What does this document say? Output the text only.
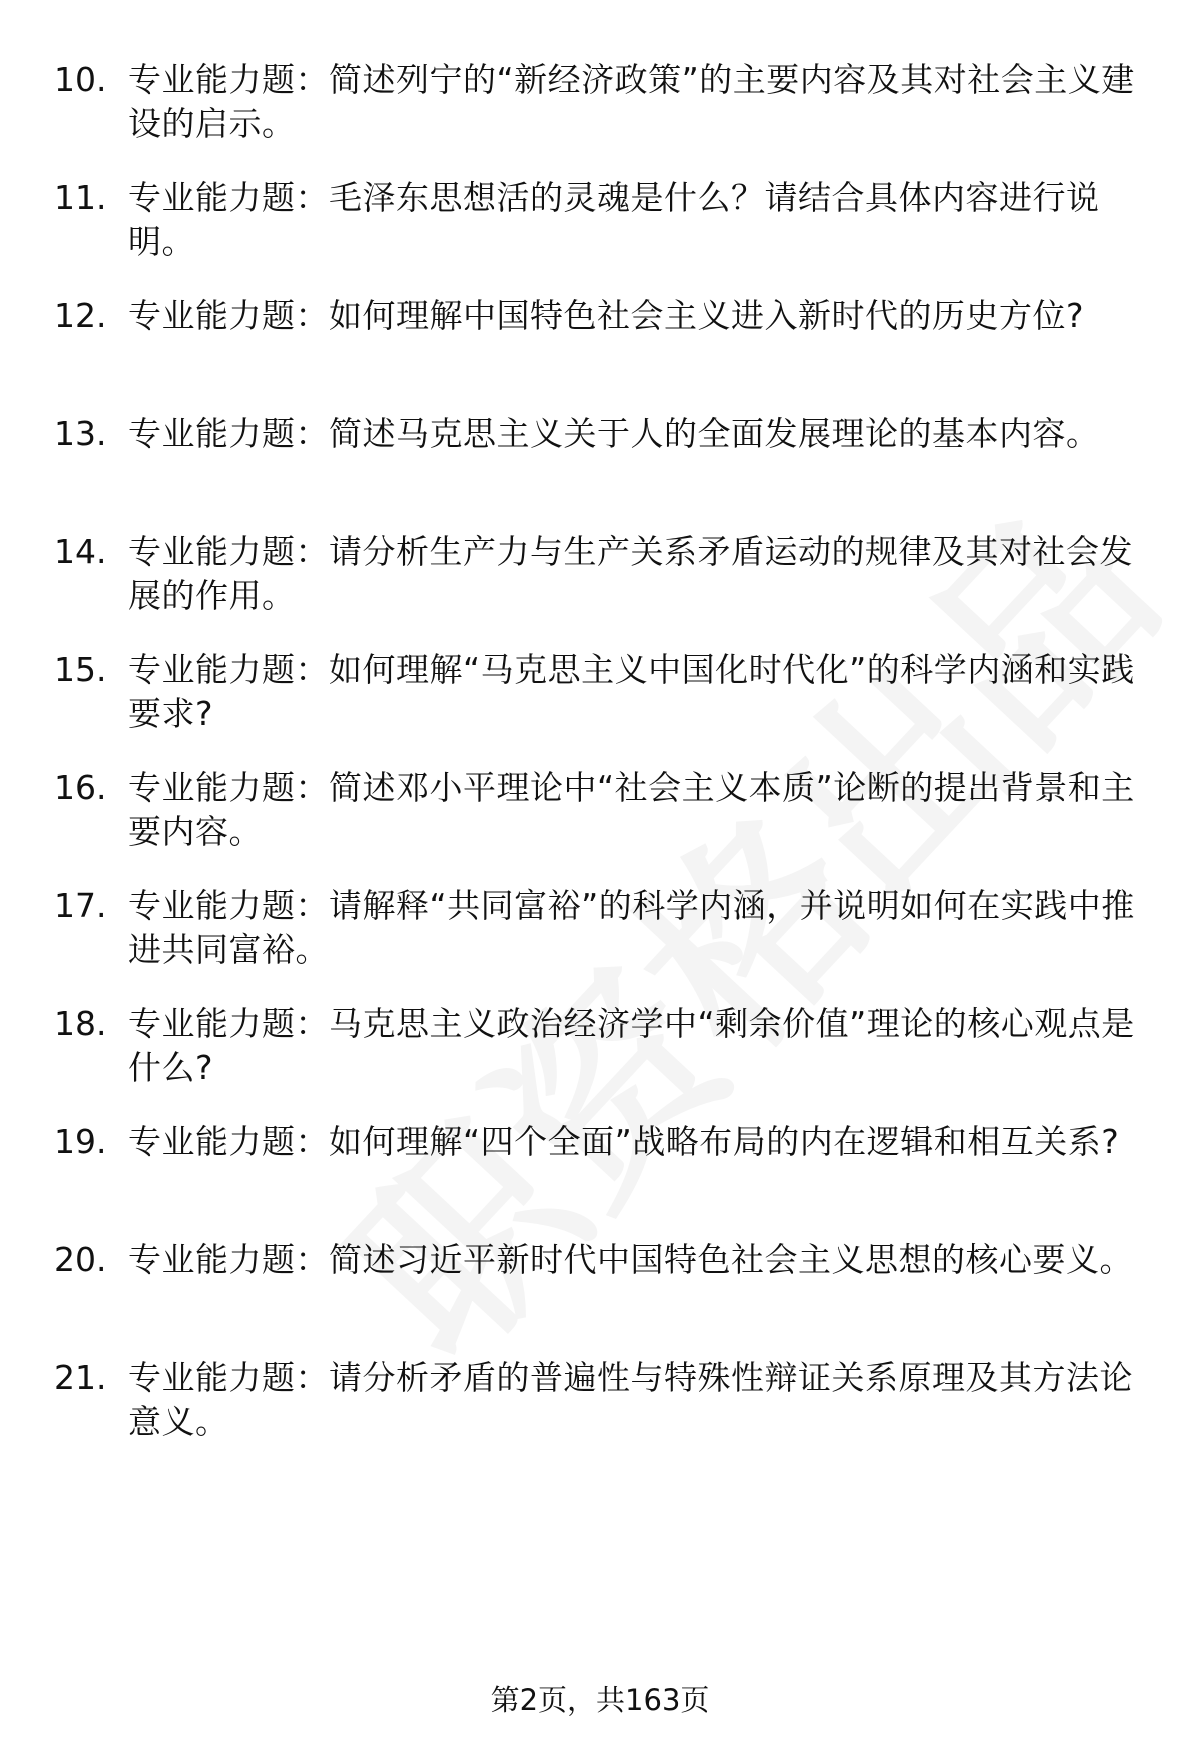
10. 专业能力题：简述列宁的“新经济政策”的主要内容及其对社会主义建设的启示。
11. 专业能力题：毛泽东思想活的灵魂是什么？请结合具体内容进行说明。
12. 专业能力题：如何理解中国特色社会主义进入新时代的历史方位?
13. 专业能力题：简述马克思主义关于人的全面发展理论的基本内容。
14. 专业能力题：请分析生产力与生产关系矛盾运动的规律及其对社会发展的作用。
15. 专业能力题：如何理解“马克思主义中国化时代化”的科学内涵和实践要求?
16. 专业能力题：简述邓小平理论中“社会主义本质”论断的提出背景和主要内容。
17. 专业能力题：请解释“共同富裕”的科学内涵，并说明如何在实践中推进共同富裕。
18. 专业能力题：马克思主义政治经济学中“剩余价值”理论的核心观点是什么?
19. 专业能力题：如何理解“四个全面”战略布局的内在逻辑和相互关系?
20. 专业能力题：简述习近平新时代中国特色社会主义思想的核心要义。
21. 专业能力题：请分析矛盾的普遍性与特殊性辩证关系原理及其方法论意义。
第2页，共163页
